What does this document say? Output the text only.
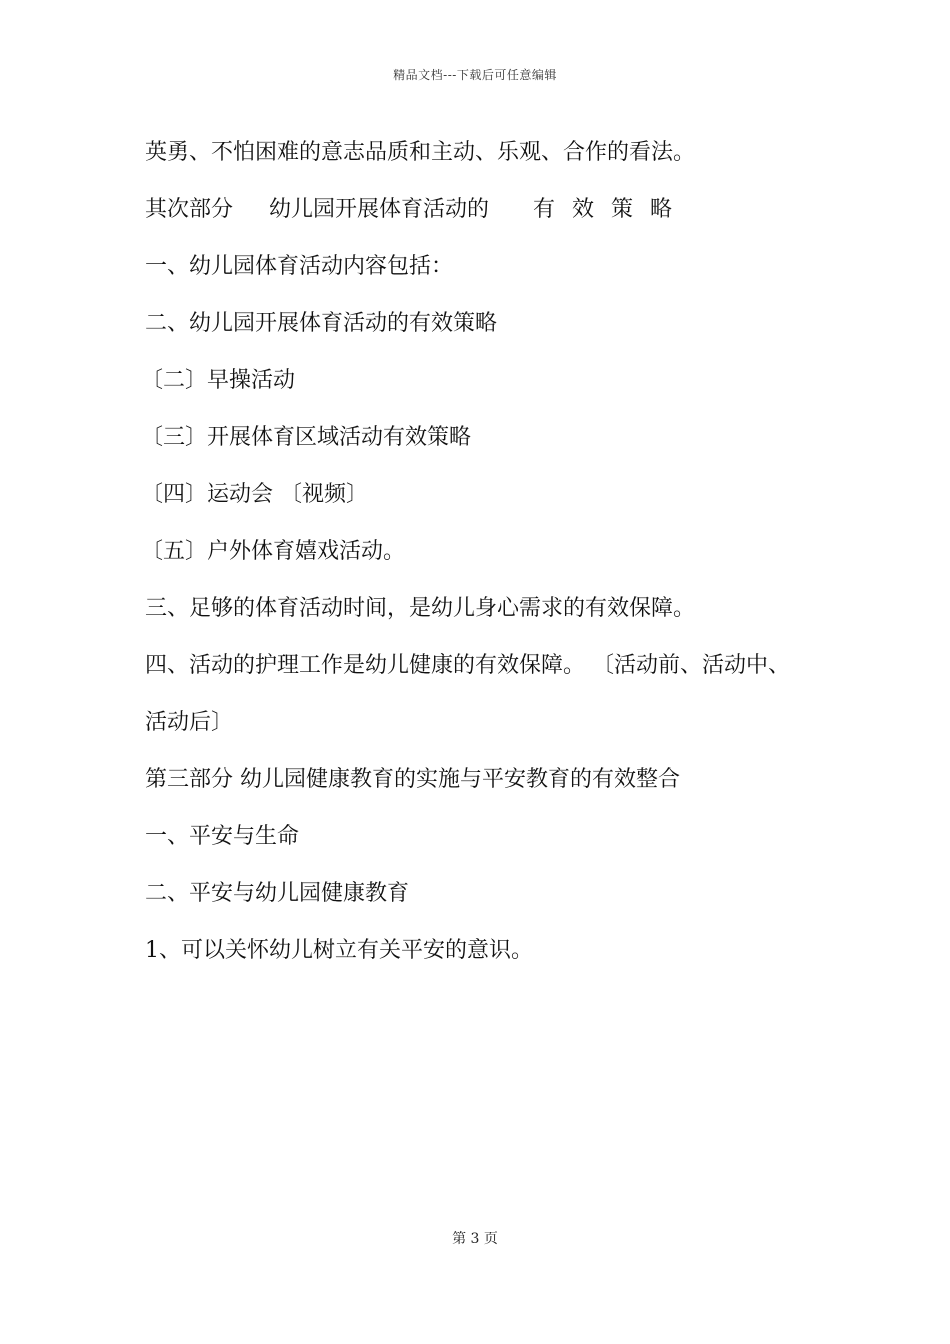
精品文档---下载后可任意编辑
英勇、不怕困难的意志品质和主动、乐观、合作的看法。
其次部分 幼儿园开展体育活动的 有效策略
一、幼儿园体育活动内容包括：
二、幼儿园开展体育活动的有效策略
〔二〕早操活动
〔三〕开展体育区域活动有效策略
〔四〕运动会 〔视频〕
〔五〕户外体育嬉戏活动。
三、足够的体育活动时间，是幼儿身心需求的有效保障。
四、活动的护理工作是幼儿健康的有效保障。 〔活动前、活动中、
活动后〕
第三部分 幼儿园健康教育的实施与平安教育的有效整合
一、平安与生命
二、平安与幼儿园健康教育
1、可以关怀幼儿树立有关平安的意识。
第 3 页
